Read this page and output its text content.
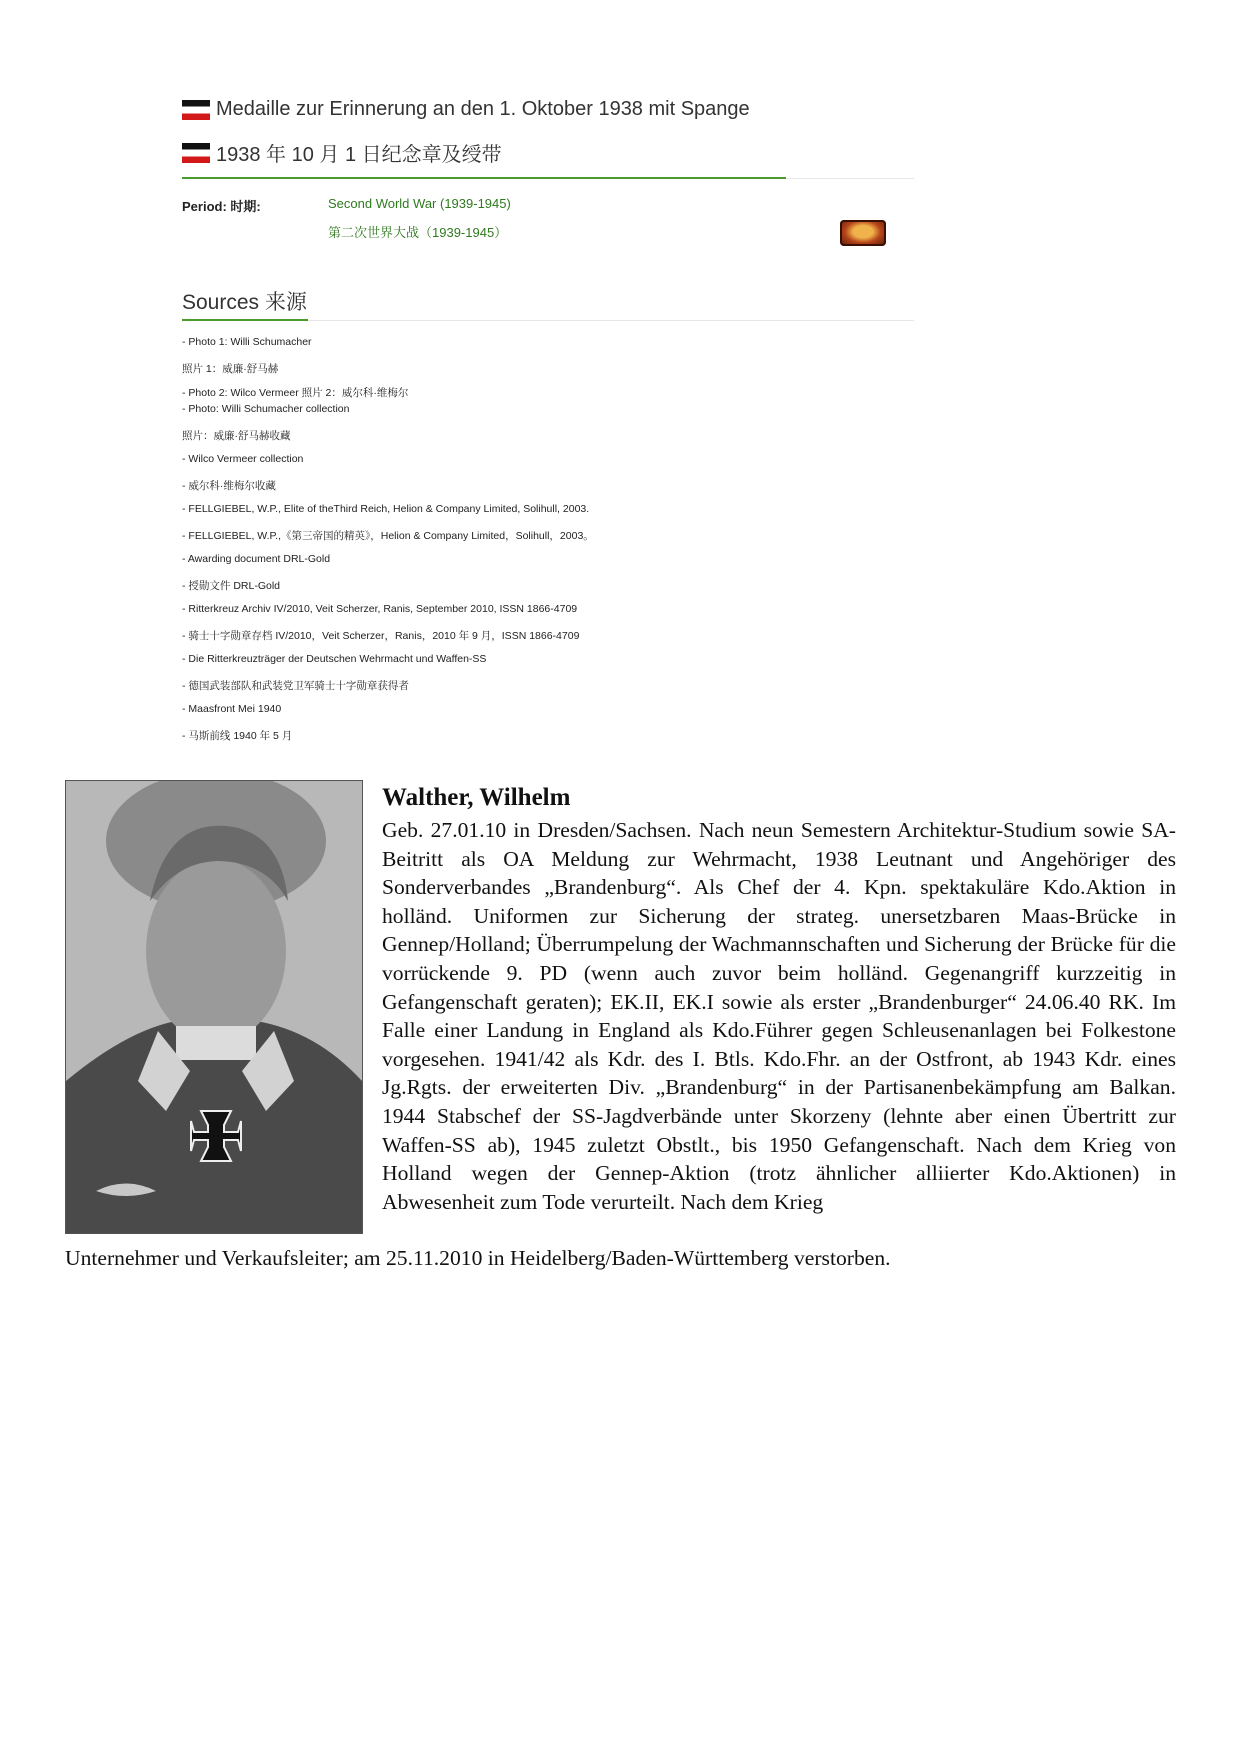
Medaille zur Erinnerung an den 1. Oktober 1938 mit Spange
1938 年 10 月 1 日纪念章及绶带
Period: 时期:	Second World War (1939-1945)
第二次世界大战（1939-1945）
Sources 来源
- Photo 1: Willi Schumacher
照片 1：威廉·舒马赫
- Photo 2: Wilco Vermeer 照片 2：威尔科·维梅尔
- Photo: Willi Schumacher collection
照片：威廉·舒马赫收藏
- Wilco Vermeer collection
- 威尔科·维梅尔收藏
- FELLGIEBEL, W.P., Elite of theThird Reich, Helion & Company Limited, Solihull, 2003.
- FELLGIEBEL, W.P.,《第三帝国的精英》，Helion & Company Limited，Solihull，2003。
- Awarding document DRL-Gold
- 授勋文件 DRL-Gold
- Ritterkreuz Archiv IV/2010, Veit Scherzer, Ranis, September 2010, ISSN 1866-4709
- 骑士十字勋章存档 IV/2010，Veit Scherzer，Ranis，2010 年 9 月，ISSN 1866-4709
- Die Ritterkreuzträger der Deutschen Wehrmacht und Waffen-SS
- 德国武装部队和武装党卫军骑士十字勋章获得者
- Maasfront Mei 1940
- 马斯前线 1940 年 5 月
Walther, Wilhelm
Geb. 27.01.10 in Dresden/Sachsen. Nach neun Semestern Architektur-Studium sowie SA-Beitritt als OA Meldung zur Wehrmacht, 1938 Leutnant und Angehöriger des Sonderverbandes „Brandenburg“. Als Chef der 4. Kpn. spektakuläre Kdo.Aktion in holländ. Uniformen zur Sicherung der strateg. unersetzbaren Maas-Brücke in Gennep/Holland; Überrumpelung der Wachmannschaften und Sicherung der Brücke für die vorrückende 9. PD (wenn auch zuvor beim holländ. Gegenangriff kurzzeitig in Gefangenschaft geraten); EK.II, EK.I sowie als erster „Brandenburger“ 24.06.40 RK. Im Falle einer Landung in England als Kdo.Führer gegen Schleusenanlagen bei Folkestone vorgesehen. 1941/42 als Kdr. des I. Btls. Kdo.Fhr. an der Ostfront, ab 1943 Kdr. eines Jg.Rgts. der erweiterten Div. „Brandenburg“ in der Partisanenbekämpfung am Balkan. 1944 Stabschef der SS-Jagdverbände unter Skorzeny (lehnte aber einen Übertritt zur Waffen-SS ab), 1945 zuletzt Obstlt., bis 1950 Gefangenschaft. Nach dem Krieg von Holland wegen der Gennep-Aktion (trotz ähnlicher alliierter Kdo.Aktionen) in Abwesenheit zum Tode verurteilt. Nach dem Krieg
Unternehmer und Verkaufsleiter; am 25.11.2010 in Heidelberg/Baden-Württemberg verstorben.
